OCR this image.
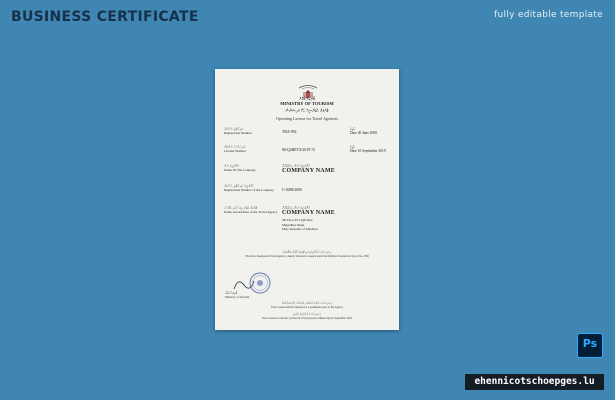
BUSINESS CERTIFICATE	fully editable template
ޓޫރިޒަމް ވުޒާރާ
MINISTRY OF TOURISM
ޓްރެވަލް އެޖެންސީއާ ބެހޭ ލައިސަންސް
Operating License for Travel Agencies
ރަޖިސްޓްރީ ނަންބަރު
Registration Number	TRA-992
ތާރީޚް
Date 20 June 2000
ލައިސަންސް ނަންބަރު
License Number	80-Q4RETA/2019-72
ތާރީޚް
Date 10 September 2019
ކުންފުނީގެ ނަން
Name Of The Company
ކުންފުނީގެ ނަން ލިޔުއްވުމަށް
COMPANY NAME
ކުންފުނީގެ ރަޖިސްޓްރީ ނަންބަރު
Registration Number of the Company	C-0498/2000
ޓްރެވަލް އެޖެންސީގެ ނަމާއި އެޑްރެސް
Name and Address of the Travel Agency
ކުންފުނީގެ ނަން ލިޔުއްވުމަށް
COMPANY NAME
3th Floor, H. Light Rest
Majeedhee Magu
Male, Republic of Maldives
މި ލައިސަންސް ދޫކުރެވިފައިވަނީ ޓޫރިޒަމް ޤާނޫނާ އެއްގޮތަށެވެ
The above mentioned Travel Agency is hereby licensed to operate under the Maldives Tourism Act (Law No. 2/99)
ޓޫރިޒަމް ވުޒާރާ
Ministry of Tourism
މި ލައިސަންސް ކޮންމެ ވަގުތެއްގައި ފެންނަން ހުންނަންވާނެއެވެ
This License shall be displayed at a prominent place of the Agency
މި ލައިސަންސްގެ މުއްދަތު ހަމަވަނީ
This License is valid for a period of 10 (ten) years commencing 10 September 2019
Ps
ehennicotschoepges.lu
